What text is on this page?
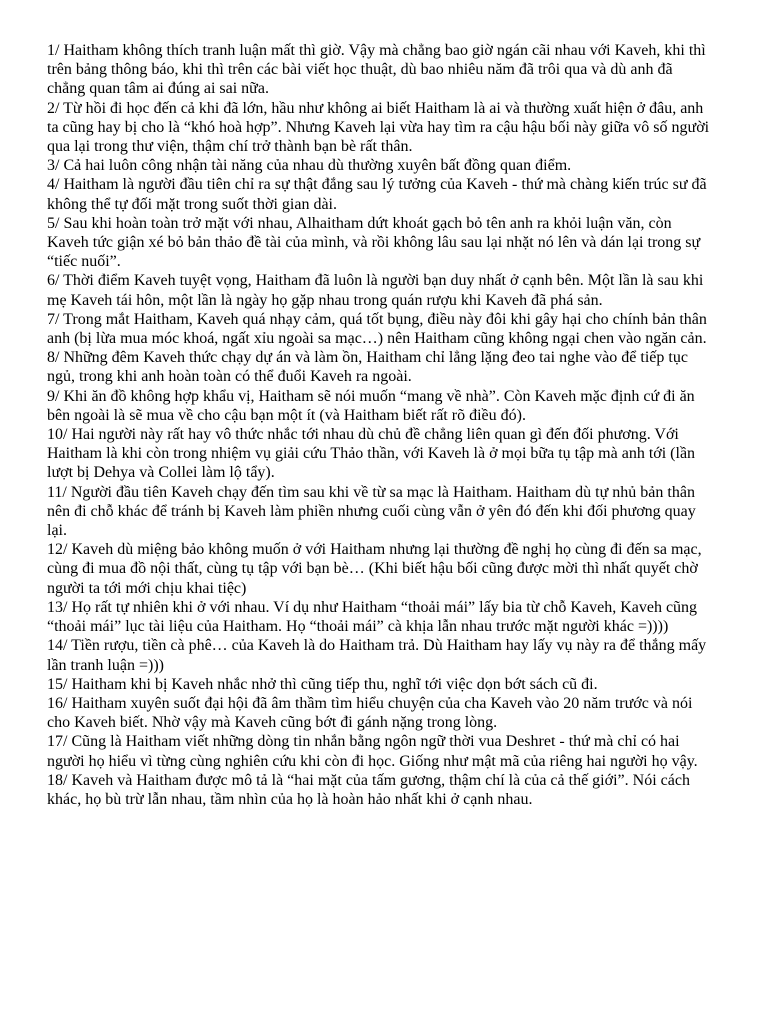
1/ Haitham không thích tranh luận mất thì giờ. Vậy mà chẳng bao giờ ngán cãi nhau với Kaveh, khi thì trên bảng thông báo, khi thì trên các bài viết học thuật, dù bao nhiêu năm đã trôi qua và dù anh đã chẳng quan tâm ai đúng ai sai nữa.

2/ Từ hồi đi học đến cả khi đã lớn, hầu như không ai biết Haitham là ai và thường xuất hiện ở đâu, anh ta cũng hay bị cho là “khó hoà hợp”. Nhưng Kaveh lại vừa hay tìm ra cậu hậu bối này giữa vô số người qua lại trong thư viện, thậm chí trở thành bạn bè rất thân.

3/ Cả hai luôn công nhận tài năng của nhau dù thường xuyên bất đồng quan điểm.

4/ Haitham là người đầu tiên chỉ ra sự thật đắng sau lý tưởng của Kaveh - thứ mà chàng kiến trúc sư đã không thể tự đối mặt trong suốt thời gian dài.

5/ Sau khi hoàn toàn trở mặt với nhau, Alhaitham dứt khoát gạch bỏ tên anh ra khỏi luận văn, còn Kaveh tức giận xé bỏ bản thảo đề tài của mình, và rồi không lâu sau lại nhặt nó lên và dán lại trong sự “tiếc nuối”.

6/ Thời điểm Kaveh tuyệt vọng, Haitham đã luôn là người bạn duy nhất ở cạnh bên. Một lần là sau khi mẹ Kaveh tái hôn, một lần là ngày họ gặp nhau trong quán rượu khi Kaveh đã phá sản.

7/ Trong mắt Haitham, Kaveh quá nhạy cảm, quá tốt bụng, điều này đôi khi gây hại cho chính bản thân anh (bị lừa mua móc khoá, ngất xỉu ngoài sa mạc…) nên Haitham cũng không ngại chen vào ngăn cản.

8/ Những đêm Kaveh thức chạy dự án và làm ồn, Haitham chỉ lẳng lặng đeo tai nghe vào để tiếp tục ngủ, trong khi anh hoàn toàn có thể đuổi Kaveh ra ngoài.

9/ Khi ăn đồ không hợp khẩu vị, Haitham sẽ nói muốn “mang về nhà”. Còn Kaveh mặc định cứ đi ăn bên ngoài là sẽ mua về cho cậu bạn một ít (và Haitham biết rất rõ điều đó).

10/ Hai người này rất hay vô thức nhắc tới nhau dù chủ đề chẳng liên quan gì đến đối phương. Với Haitham là khi còn trong nhiệm vụ giải cứu Thảo thần, với Kaveh là ở mọi bữa tụ tập mà anh tới (lần lượt bị Dehya và Collei làm lộ tẩy).

11/ Người đầu tiên Kaveh chạy đến tìm sau khi về từ sa mạc là Haitham. Haitham dù tự nhủ bản thân nên đi chỗ khác để tránh bị Kaveh làm phiền nhưng cuối cùng vẫn ở yên đó đến khi đối phương quay lại.

12/ Kaveh dù miệng bảo không muốn ở với Haitham nhưng lại thường đề nghị họ cùng đi đến sa mạc, cùng đi mua đồ nội thất, cùng tụ tập với bạn bè… (Khi biết hậu bối cũng được mời thì nhất quyết chờ người ta tới mới chịu khai tiệc)

13/ Họ rất tự nhiên khi ở với nhau. Ví dụ như Haitham “thoải mái” lấy bia từ chỗ Kaveh, Kaveh cũng “thoải mái” lục tài liệu của Haitham. Họ “thoải mái” cà khịa lẫn nhau trước mặt người khác =))))

14/ Tiền rượu, tiền cà phê… của Kaveh là do Haitham trả. Dù Haitham hay lấy vụ này ra để thắng mấy lần tranh luận =)))

15/ Haitham khi bị Kaveh nhắc nhở thì cũng tiếp thu, nghĩ tới việc dọn bớt sách cũ đi.

16/ Haitham xuyên suốt đại hội đã âm thầm tìm hiểu chuyện của cha Kaveh vào 20 năm trước và nói cho Kaveh biết. Nhờ vậy mà Kaveh cũng bớt đi gánh nặng trong lòng.

17/ Cũng là Haitham viết những dòng tin nhắn bằng ngôn ngữ thời vua Deshret - thứ mà chỉ có hai người họ hiểu vì từng cùng nghiên cứu khi còn đi học. Giống như mật mã của riêng hai người họ vậy.

18/ Kaveh và Haitham được mô tả là “hai mặt của tấm gương, thậm chí là của cả thế giới”. Nói cách khác, họ bù trừ lẫn nhau, tầm nhìn của họ là hoàn hảo nhất khi ở cạnh nhau.
